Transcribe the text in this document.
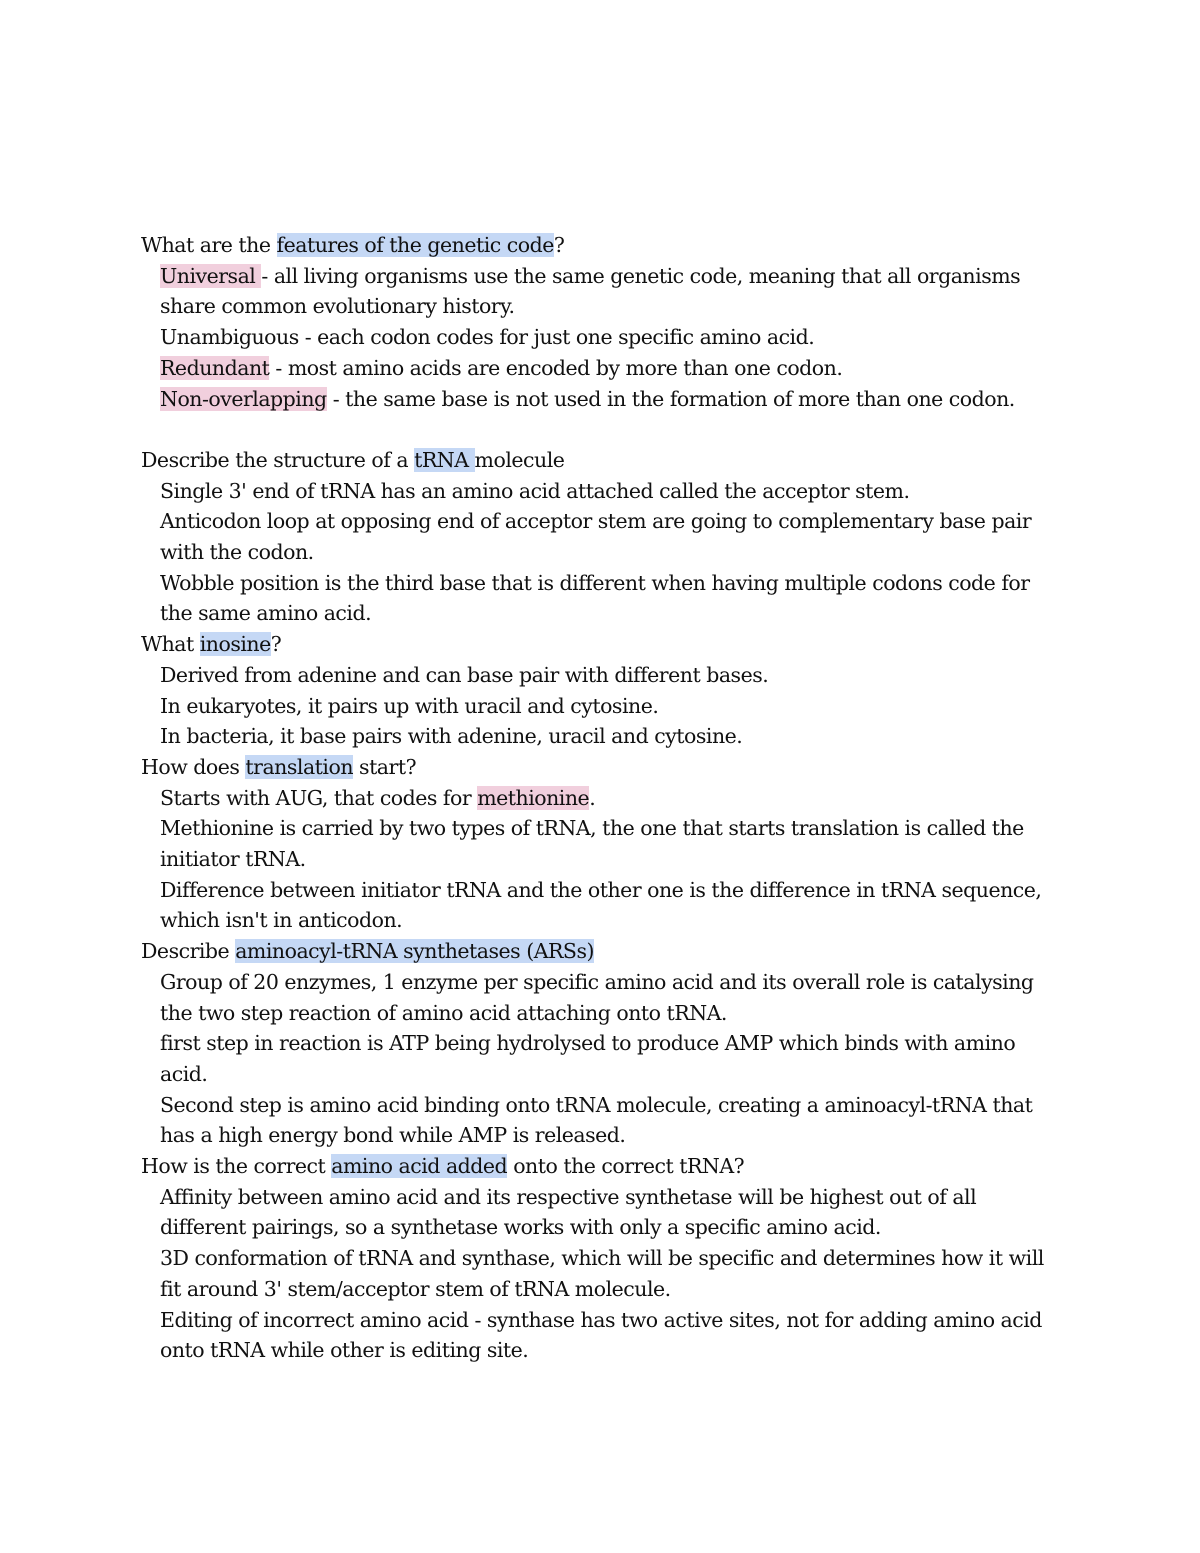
What are the features of the genetic code?

Universal - all living organisms use the same genetic code, meaning that all organisms share common evolutionary history.

Unambiguous - each codon codes for just one specific amino acid.

Redundant - most amino acids are encoded by more than one codon.

Non-overlapping - the same base is not used in the formation of more than one codon.

Describe the structure of a tRNA molecule

Single 3' end of tRNA has an amino acid attached called the acceptor stem.

Anticodon loop at opposing end of acceptor stem are going to complementary base pair with the codon.

Wobble position is the third base that is different when having multiple codons code for the same amino acid.

What inosine?

Derived from adenine and can base pair with different bases.

In eukaryotes, it pairs up with uracil and cytosine.

In bacteria, it base pairs with adenine, uracil and cytosine.

How does translation start?

Starts with AUG, that codes for methionine.

Methionine is carried by two types of tRNA, the one that starts translation is called the initiator tRNA.

Difference between initiator tRNA and the other one is the difference in tRNA sequence, which isn't in anticodon.

Describe aminoacyl-tRNA synthetases (ARSs)

Group of 20 enzymes, 1 enzyme per specific amino acid and its overall role is catalysing the two step reaction of amino acid attaching onto tRNA.

first step in reaction is ATP being hydrolysed to produce AMP which binds with amino acid.

Second step is amino acid binding onto tRNA molecule, creating a aminoacyl-tRNA that has a high energy bond while AMP is released.

How is the correct amino acid added onto the correct tRNA?

Affinity between amino acid and its respective synthetase will be highest out of all different pairings, so a synthetase works with only a specific amino acid.

3D conformation of tRNA and synthase, which will be specific and determines how it will fit around 3' stem/acceptor stem of tRNA molecule.

Editing of incorrect amino acid - synthase has two active sites, not for adding amino acid onto tRNA while other is editing site.
